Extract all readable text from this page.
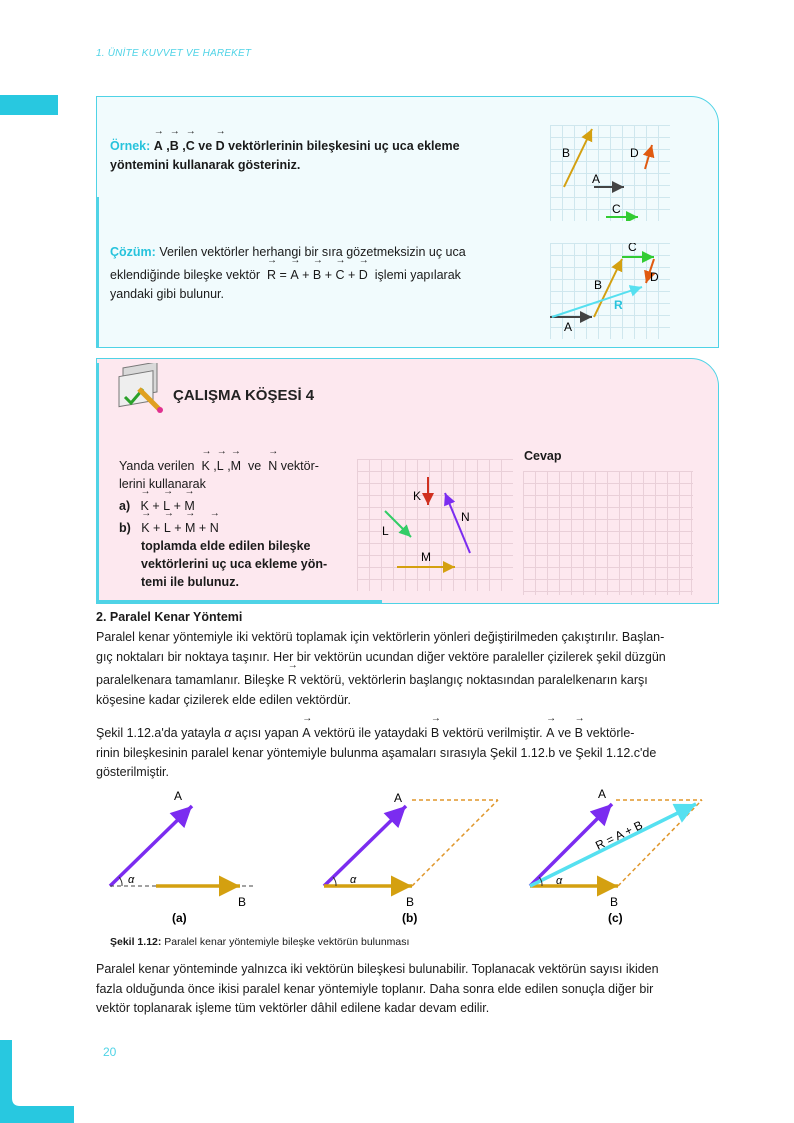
1. ÜNİTE KUVVET VE HAREKET
Örnek: → A ,→ B ,→ C ve → D vektörlerinin bileşkesini uç uca ekleme
yöntemini kullanarak gösteriniz.
Çözüm: Verilen vektörler herhangi bir sıra gözetmeksizin uç uca
eklendiğinde bileşke vektör → R = → A + → B + → C + → D işlemi yapılarak
yandaki gibi bulunur.
B	D
A
C
C
B
D
R
A
ÇALIŞMA KÖŞESİ 4
Yanda verilen → K ,→ L ,→ M ve → N vektör-
lerini kullanarak
a) → K + → L + → M
b) → K + → L + → M + → N

toplamda elde edilen bileşke
vektörlerini uç uca ekleme yön-
temi ile bulunuz.
K
L
N
M
Cevap
2. Paralel Kenar Yöntemi
Paralel kenar yöntemiyle iki vektörü toplamak için vektörlerin yönleri değiştirilmeden çakıştırılır. Başlan-
gıç noktaları bir noktaya taşınır. Her bir vektörün ucundan diğer vektöre paraleller çizilerek şekil düzgün
paralelkenara tamamlanır. Bileşke → R vektörü, vektörlerin başlangıç noktasından paralelkenarın karşı
köşesine kadar çizilerek elde edilen vektördür.
Şekil 1.12.a'da yatayla α açısı yapan → A vektörü ile yataydaki → B vektörü verilmiştir. → A ve → B vektörle-
rinin bileşkesinin paralel kenar yöntemiyle bulunma aşamaları sırasıyla Şekil 1.12.b ve Şekil 1.12.c'de
gösterilmiştir.
α
A
B
(a)
α
A
B
(b)
α
A
B
R = A + B
(c)
Şekil 1.12: Paralel kenar yöntemiyle bileşke vektörün bulunması
Paralel kenar yönteminde yalnızca iki vektörün bileşkesi bulunabilir. Toplanacak vektörün sayısı ikiden
fazla olduğunda önce ikisi paralel kenar yöntemiyle toplanır. Daha sonra elde edilen sonuçla diğer bir
vektör toplanarak işleme tüm vektörler dâhil edilene kadar devam edilir.
20
